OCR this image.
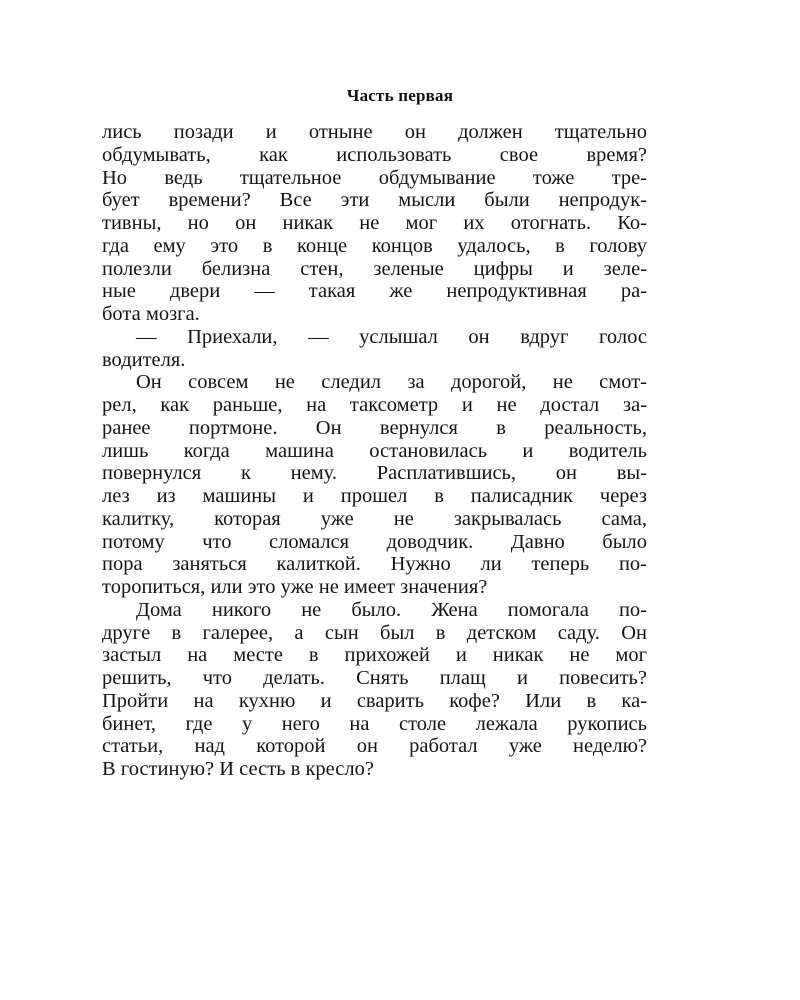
Часть первая
лись позади и отныне он должен тщательно
обдумывать, как использовать свое время?
Но ведь тщательное обдумывание тоже тре-
бует времени? Все эти мысли были непродук-
тивны, но он никак не мог их отогнать. Ко-
гда ему это в конце концов удалось, в голову
полезли белизна стен, зеленые цифры и зеле-
ные двери — такая же непродуктивная ра-
бота мозга.
— Приехали, — услышал он вдруг голос
водителя.
Он совсем не следил за дорогой, не смот-
рел, как раньше, на таксометр и не достал за-
ранее портмоне. Он вернулся в реальность,
лишь когда машина остановилась и водитель
повернулся к нему. Расплатившись, он вы-
лез из машины и прошел в палисадник через
калитку, которая уже не закрывалась сама,
потому что сломался доводчик. Давно было
пора заняться калиткой. Нужно ли теперь по-
торопиться, или это уже не имеет значения?
Дома никого не было. Жена помогала по-
другe в галерее, а сын был в детском саду. Он
застыл на месте в прихожей и никак не мог
решить, что делать. Снять плащ и повесить?
Пройти на кухню и сварить кофе? Или в ка-
бинет, где у него на столе лежала рукопись
статьи, над которой он работал уже неделю?
В гостиную? И сесть в кресло?
